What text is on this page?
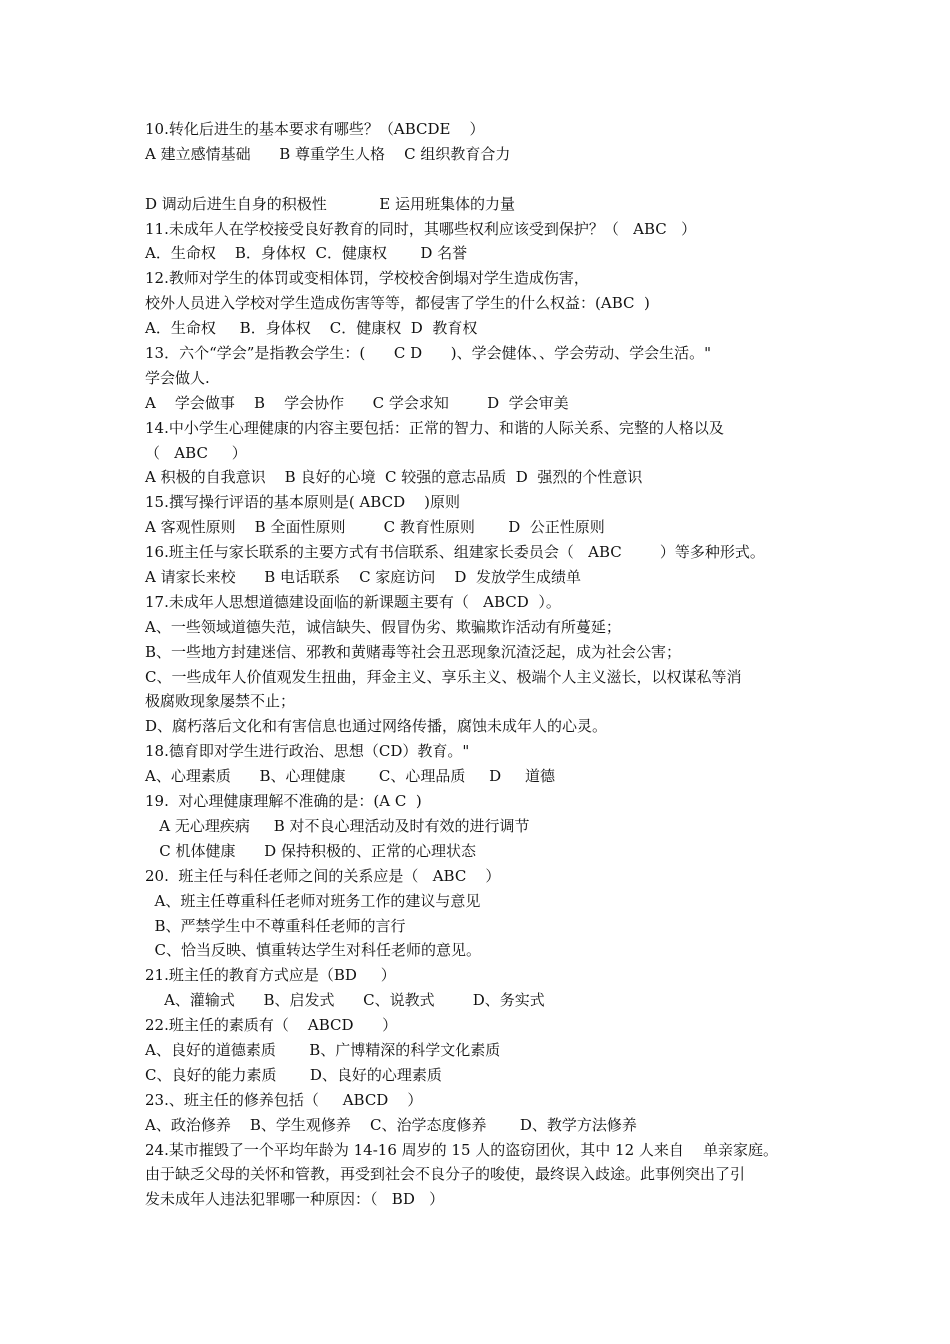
10.转化后进生的基本要求有哪些？（ABCDE    ）
A 建立感情基础      B 尊重学生人格    C 组织教育合力
D 调动后进生自身的积极性           E 运用班集体的力量
11.未成年人在学校接受良好教育的同时，其哪些权利应该受到保护？（   ABC   ）
A．生命权    B．身体权  C．健康权       D 名誉
12.教师对学生的体罚或变相体罚，学校校舍倒塌对学生造成伤害，
校外人员进入学校对学生造成伤害等等，都侵害了学生的什么权益：(ABC  )
A．生命权     B．身体权    C．健康权  D  教育权
13．六个“学会”是指教会学生：(      C D      )、学会健体、、学会劳动、学会生活。"
学会做人.
A    学会做事    B    学会协作      C 学会求知        D  学会审美
14.中小学生心理健康的内容主要包括：正常的智力、和谐的人际关系、完整的人格以及
（   ABC     ）
A 积极的自我意识    B 良好的心境  C 较强的意志品质  D  强烈的个性意识
15.撰写操行评语的基本原则是( ABCD    )原则
A 客观性原则    B 全面性原则        C 教育性原则       D  公正性原则
16.班主任与家长联系的主要方式有书信联系、组建家长委员会（   ABC        ）等多种形式。
A 请家长来校      B 电话联系    C 家庭访问    D  发放学生成绩单
17.未成年人思想道德建设面临的新课题主要有（   ABCD  ）。
A、一些领域道德失范，诚信缺失、假冒伪劣、欺骗欺诈活动有所蔓延；
B、一些地方封建迷信、邪教和黄赌毒等社会丑恶现象沉渣泛起，成为社会公害；
C、一些成年人价值观发生扭曲，拜金主义、享乐主义、极端个人主义滋长，以权谋私等消
极腐败现象屡禁不止；
D、腐朽落后文化和有害信息也通过网络传播，腐蚀未成年人的心灵。
18.德育即对学生进行政治、思想（CD）教育。"
A、心理素质      B、心理健康       C、心理品质     D     道德
19.  对心理健康理解不准确的是：(A C  )
A 无心理疾病     B 对不良心理活动及时有效的进行调节
C 机体健康      D 保持积极的、正常的心理状态
20.  班主任与科任老师之间的关系应是（   ABC    ）
A、班主任尊重科任老师对班务工作的建议与意见
B、严禁学生中不尊重科任老师的言行
C、恰当反映、慎重转达学生对科任老师的意见。
21.班主任的教育方式应是（BD     ）
A、灌输式      B、启发式      C、说教式        D、务实式
22.班主任的素质有（    ABCD      ）
A、良好的道德素质       B、广博精深的科学文化素质
C、良好的能力素质       D、良好的心理素质
23.、班主任的修养包括（     ABCD    ）
A、政治修养    B、学生观修养    C、治学态度修养       D、教学方法修养
24.某市摧毁了一个平均年龄为 14-16 周岁的 15 人的盗窃团伙，其中 12 人来自    单亲家庭。
由于缺乏父母的关怀和管教，再受到社会不良分子的唆使，最终误入歧途。此事例突出了引
发未成年人违法犯罪哪一种原因：（   BD   ）
